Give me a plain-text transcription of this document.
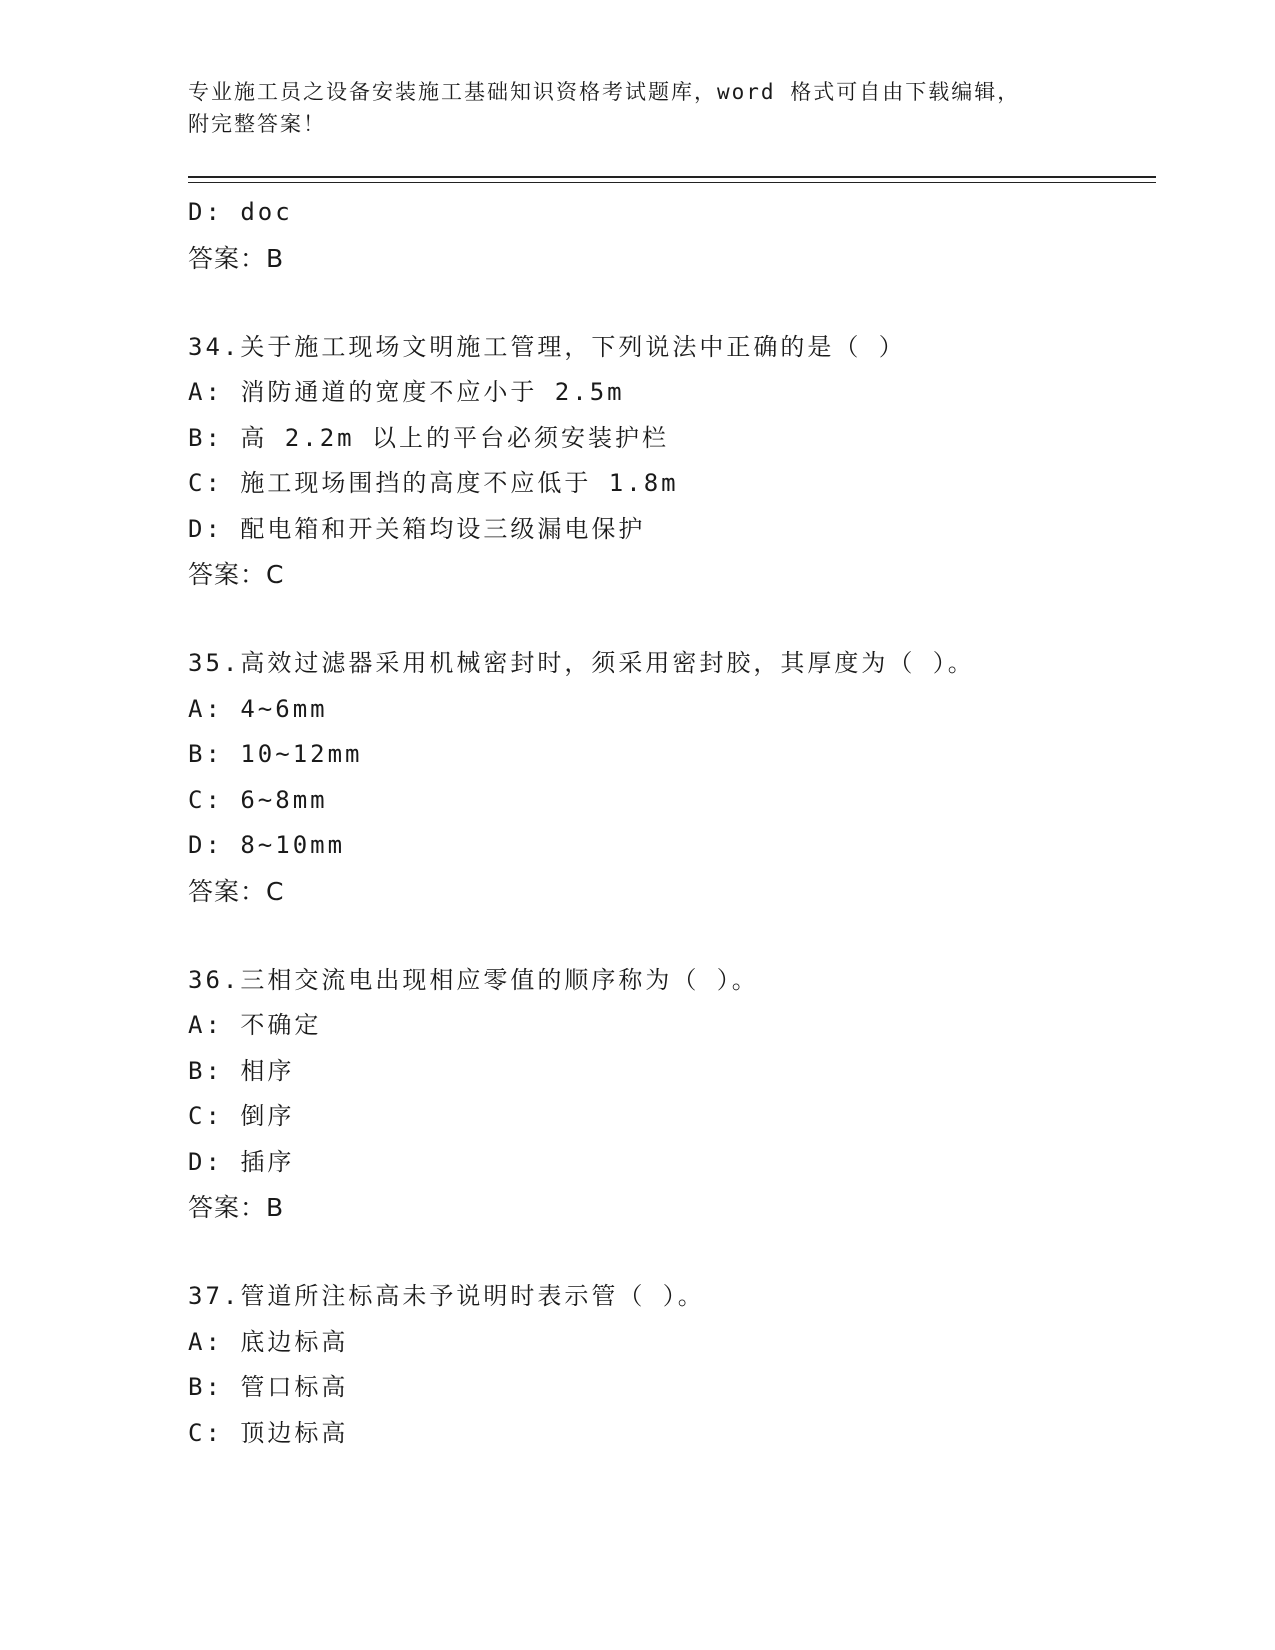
专业施工员之设备安装施工基础知识资格考试题库，word 格式可自由下载编辑，
附完整答案！
D: doc
答案：B
34.关于施工现场文明施工管理，下列说法中正确的是（ ）
A: 消防通道的宽度不应小于 2.5m
B: 高 2.2m 以上的平台必须安装护栏
C: 施工现场围挡的高度不应低于 1.8m
D: 配电箱和开关箱均设三级漏电保护
答案：C
35.高效过滤器采用机械密封时，须采用密封胶，其厚度为（ ）。
A: 4~6mm
B: 10~12mm
C: 6~8mm
D: 8~10mm
答案：C
36.三相交流电出现相应零值的顺序称为（ ）。
A: 不确定
B: 相序
C: 倒序
D: 插序
答案：B
37.管道所注标高未予说明时表示管（ ）。
A: 底边标高
B: 管口标高
C: 顶边标高
